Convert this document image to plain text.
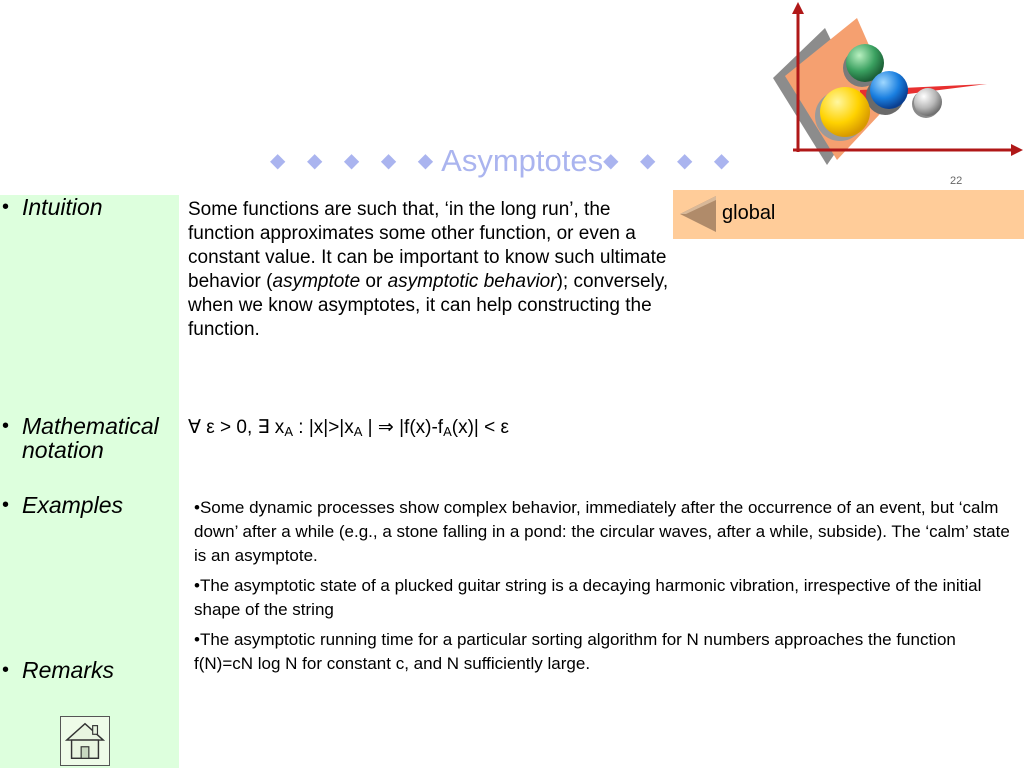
◆ ◆ ◆ ◆ ◆Asymptotes◆ ◆ ◆ ◆
22
• Intuition
• Mathematical notation
• Examples
• Remarks
global
Some functions are such that, ‘in the long run’, the function approximates some other function, or even a constant value. It can be important to know such ultimate behavior (asymptote or asymptotic behavior); conversely, when we know asymptotes, it can help constructing the function.
∀ ε > 0, ∃ $x_A$ : $|x|>|x_A$ | ⇒ $|f(x)-f_A(x)| < \varepsilon$

•Some dynamic processes show complex behavior, immediately after the occurrence of an event, but ‘calm down’ after a while (e.g., a stone falling in a pond: the circular waves, after a while, subside). The ‘calm’ state is an asymptote.

•The asymptotic state of a plucked guitar string is a decaying harmonic vibration, irrespective of the initial shape of the string

•The asymptotic running time for a particular sorting algorithm for N numbers approaches the function f(N)=cN log N for constant c, and N sufficiently large.
